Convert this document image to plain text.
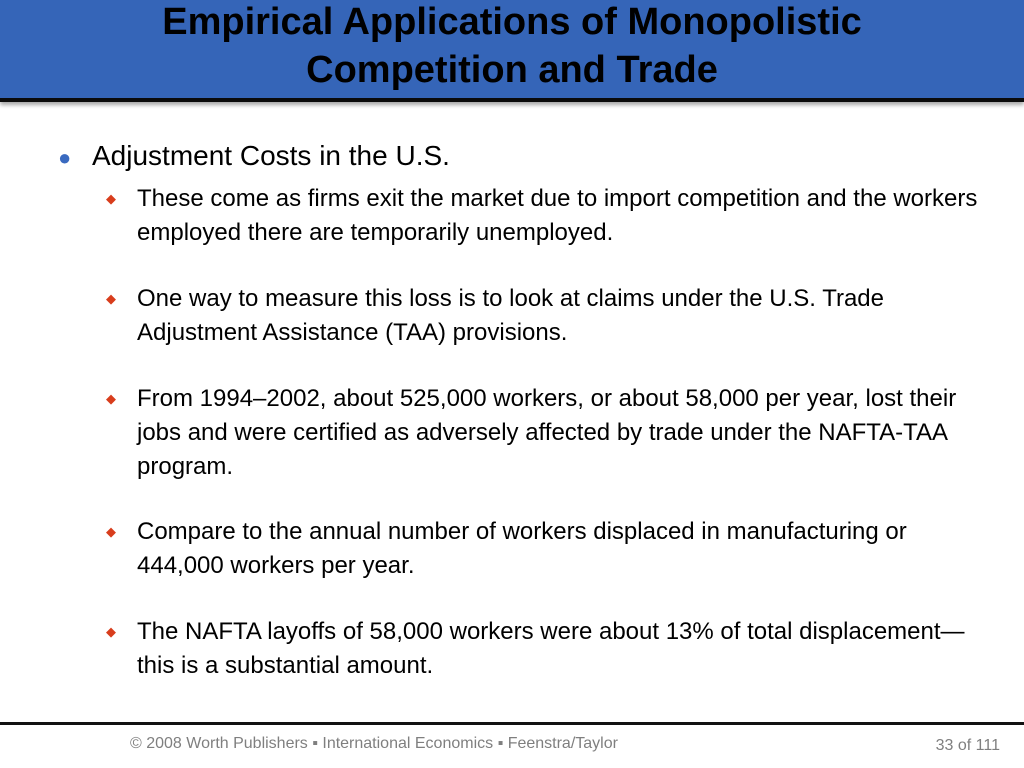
Empirical Applications of Monopolistic
Competition and Trade
● Adjustment Costs in the U.S.
◆ These come as firms exit the market due to import competition and the workers employed there are temporarily unemployed.
◆ One way to measure this loss is to look at claims under the U.S. Trade Adjustment Assistance (TAA) provisions.
◆ From 1994–2002, about 525,000 workers, or about 58,000 per year, lost their jobs and were certified as adversely affected by trade under the NAFTA-TAA program.
◆ Compare to the annual number of workers displaced in manufacturing or 444,000 workers per year.
◆ The NAFTA layoffs of 58,000 workers were about 13% of total displacement—this is a substantial amount.
© 2008 Worth Publishers ▪ International Economics ▪ Feenstra/Taylor	33 of 111
